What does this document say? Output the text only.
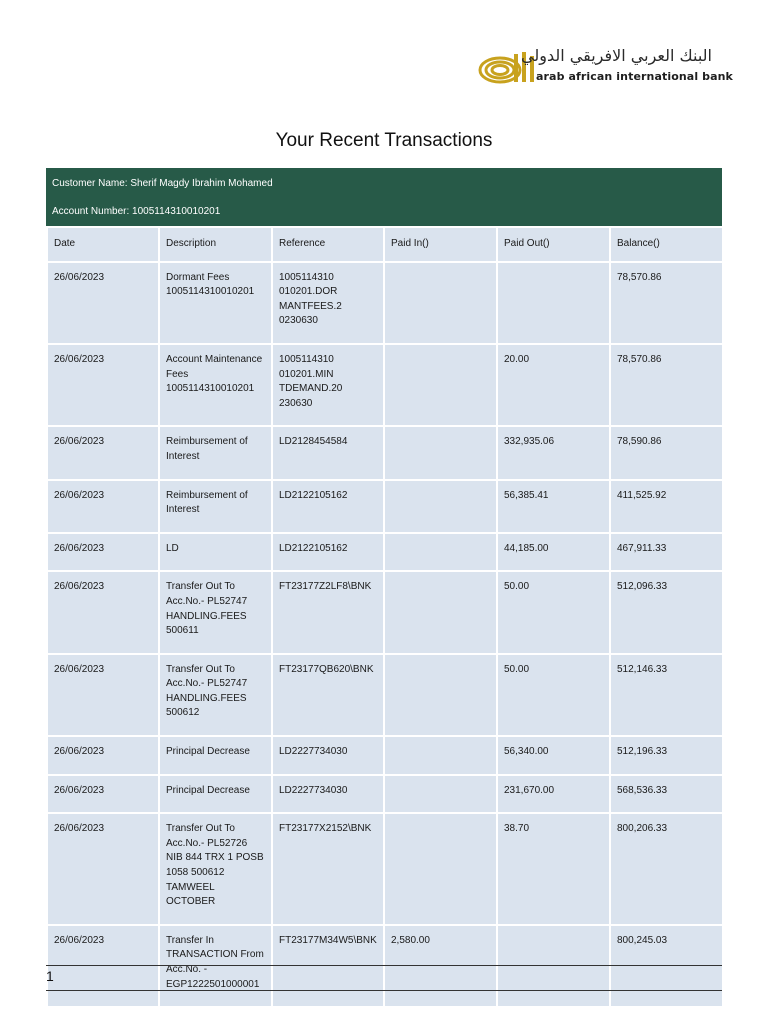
البنك العربي الافريقي الدولي
arab african international bank
Your Recent Transactions
Customer Name: Sherif Magdy Ibrahim Mohamed
Account Number: 1005114310010201
Date	Description	Reference	Paid In()	Paid Out()	Balance()
26/06/2023	Dormant Fees 1005114310010201	1005114310 010201.DOR MANTFEES.2 0230630			78,570.86
26/06/2023	Account Maintenance Fees 1005114310010201	1005114310 010201.MIN TDEMAND.20 230630		20.00	78,570.86
26/06/2023	Reimbursement of Interest	LD2128454584		332,935.06	78,590.86
26/06/2023	Reimbursement of Interest	LD2122105162		56,385.41	411,525.92
26/06/2023	LD	LD2122105162		44,185.00	467,911.33
26/06/2023	Transfer Out To Acc.No.- PL52747 HANDLING.FEES 500611	FT23177Z2LF8\BNK		50.00	512,096.33
26/06/2023	Transfer Out To Acc.No.- PL52747 HANDLING.FEES 500612	FT23177QB620\BNK		50.00	512,146.33
26/06/2023	Principal Decrease	LD2227734030		56,340.00	512,196.33
26/06/2023	Principal Decrease	LD2227734030		231,670.00	568,536.33
26/06/2023	Transfer Out To Acc.No.- PL52726 NIB 844 TRX 1 POSB 1058 500612 TAMWEEL OCTOBER	FT23177X2152\BNK		38.70	800,206.33
26/06/2023	Transfer In TRANSACTION From Acc.No. - EGP1222501000001	FT23177M34W5\BNK	2,580.00		800,245.03
1
